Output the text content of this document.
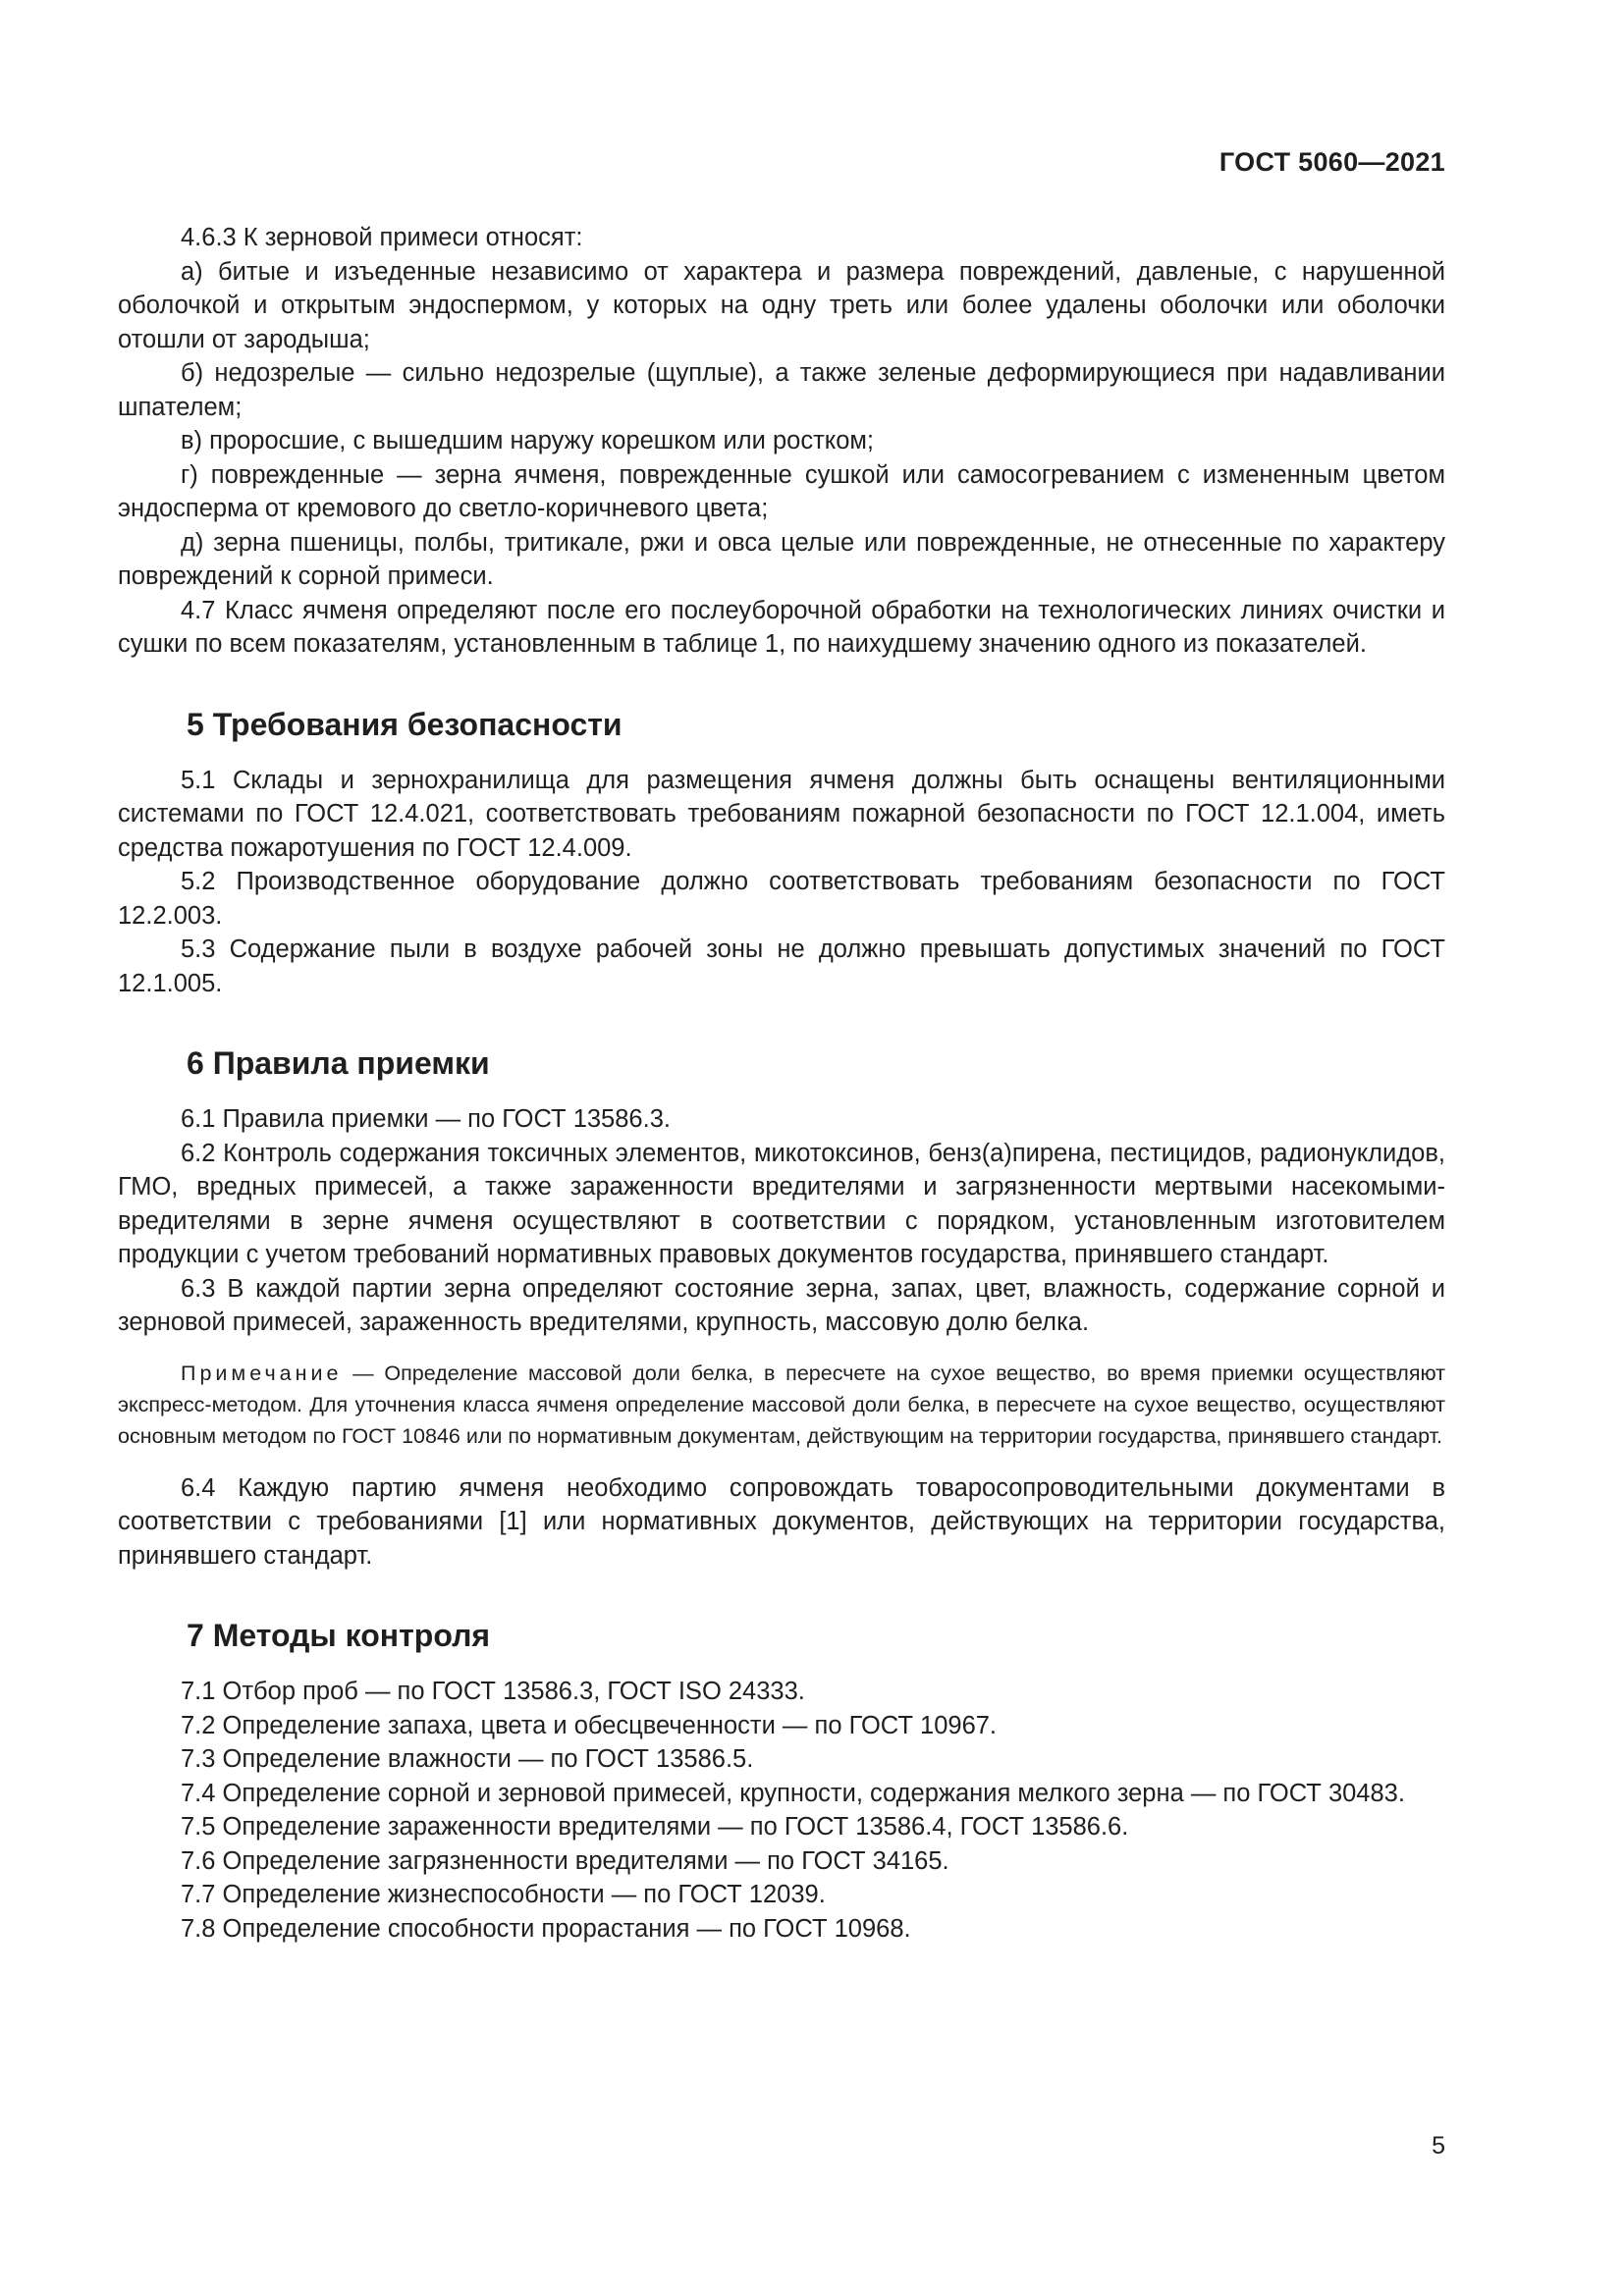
ГОСТ 5060—2021

4.6.3 К зерновой примеси относят:

а) битые и изъеденные независимо от характера и размера повреждений, давленые, с нарушенной оболочкой и открытым эндоспермом, у которых на одну треть или более удалены оболочки или оболочки отошли от зародыша;

б) недозрелые — сильно недозрелые (щуплые), а также зеленые деформирующиеся при надавливании шпателем;

в) проросшие, с вышедшим наружу корешком или ростком;

г) поврежденные — зерна ячменя, поврежденные сушкой или самосогреванием с измененным цветом эндосперма от кремового до светло-коричневого цвета;

д) зерна пшеницы, полбы, тритикале, ржи и овса целые или поврежденные, не отнесенные по характеру повреждений к сорной примеси.

4.7 Класс ячменя определяют после его послеуборочной обработки на технологических линиях очистки и сушки по всем показателям, установленным в таблице 1, по наихудшему значению одного из показателей.

5 Требования безопасности

5.1 Склады и зернохранилища для размещения ячменя должны быть оснащены вентиляционными системами по ГОСТ 12.4.021, соответствовать требованиям пожарной безопасности по ГОСТ 12.1.004, иметь средства пожаротушения по ГОСТ 12.4.009.

5.2 Производственное оборудование должно соответствовать требованиям безопасности по ГОСТ 12.2.003.

5.3 Содержание пыли в воздухе рабочей зоны не должно превышать допустимых значений по ГОСТ 12.1.005.

6 Правила приемки

6.1 Правила приемки — по ГОСТ 13586.3.

6.2 Контроль содержания токсичных элементов, микотоксинов, бенз(а)пирена, пестицидов, радионуклидов, ГМО, вредных примесей, а также зараженности вредителями и загрязненности мертвыми насекомыми-вредителями в зерне ячменя осуществляют в соответствии с порядком, установленным изготовителем продукции с учетом требований нормативных правовых документов государства, принявшего стандарт.

6.3 В каждой партии зерна определяют состояние зерна, запах, цвет, влажность, содержание сорной и зерновой примесей, зараженность вредителями, крупность, массовую долю белка.

Примечание — Определение массовой доли белка, в пересчете на сухое вещество, во время приемки осуществляют экспресс-методом. Для уточнения класса ячменя определение массовой доли белка, в пересчете на сухое вещество, осуществляют основным методом по ГОСТ 10846 или по нормативным документам, действующим на территории государства, принявшего стандарт.

6.4 Каждую партию ячменя необходимо сопровождать товаросопроводительными документами в соответствии с требованиями [1] или нормативных документов, действующих на территории государства, принявшего стандарт.

7 Методы контроля

7.1 Отбор проб — по ГОСТ 13586.3, ГОСТ ISO 24333.

7.2 Определение запаха, цвета и обесцвеченности — по ГОСТ 10967.

7.3 Определение влажности — по ГОСТ 13586.5.

7.4 Определение сорной и зерновой примесей, крупности, содержания мелкого зерна — по ГОСТ 30483.

7.5 Определение зараженности вредителями — по ГОСТ 13586.4, ГОСТ 13586.6.

7.6 Определение загрязненности вредителями — по ГОСТ 34165.

7.7 Определение жизнеспособности — по ГОСТ 12039.

7.8 Определение способности прорастания — по ГОСТ 10968.

5
